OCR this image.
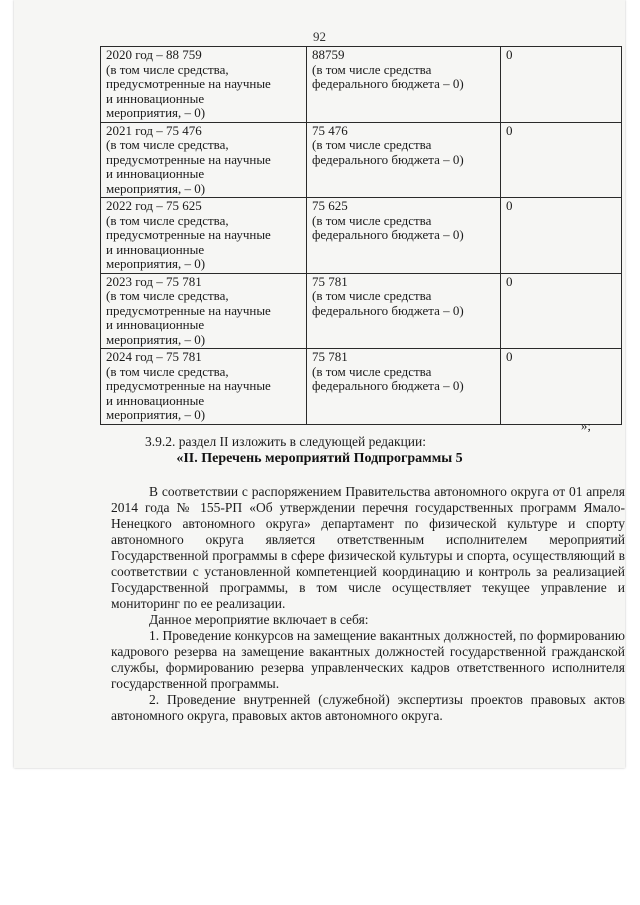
92
2020 год – 88 759
(в том числе средства,
предусмотренные на научные
и инновационные
мероприятия, – 0)	88759
(в том числе средства
федерального бюджета – 0)	0

2021 год – 75 476
(в том числе средства,
предусмотренные на научные
и инновационные
мероприятия, – 0)	75 476
(в том числе средства
федерального бюджета – 0)	0

2022 год – 75 625
(в том числе средства,
предусмотренные на научные
и инновационные
мероприятия, – 0)	75 625
(в том числе средства
федерального бюджета – 0)	0

2023 год – 75 781
(в том числе средства,
предусмотренные на научные
и инновационные
мероприятия, – 0)	75 781
(в том числе средства
федерального бюджета – 0)	0

2024 год – 75 781
(в том числе средства,
предусмотренные на научные
и инновационные
мероприятия, – 0)	75 781
(в том числе средства
федерального бюджета – 0)	0
»;
3.9.2. раздел II изложить в следующей редакции:
«II. Перечень мероприятий Подпрограммы 5

В соответствии с распоряжением Правительства автономного округа от 01 апреля 2014 года № 155-РП «Об утверждении перечня государственных программ Ямало-Ненецкого автономного округа» департамент по физической культуре и спорту автономного округа является ответственным исполнителем мероприятий Государственной программы в сфере физической культуры и спорта, осуществляющий в соответствии с установленной компетенцией координацию и контроль за реализацией Государственной программы, в том числе осуществляет текущее управление и мониторинг по ее реализации.

Данное мероприятие включает в себя:

1. Проведение конкурсов на замещение вакантных должностей, по формированию кадрового резерва на замещение вакантных должностей государственной гражданской службы, формированию резерва управленческих кадров ответственного исполнителя государственной программы.

2. Проведение внутренней (служебной) экспертизы проектов правовых актов автономного округа, правовых актов автономного округа.
